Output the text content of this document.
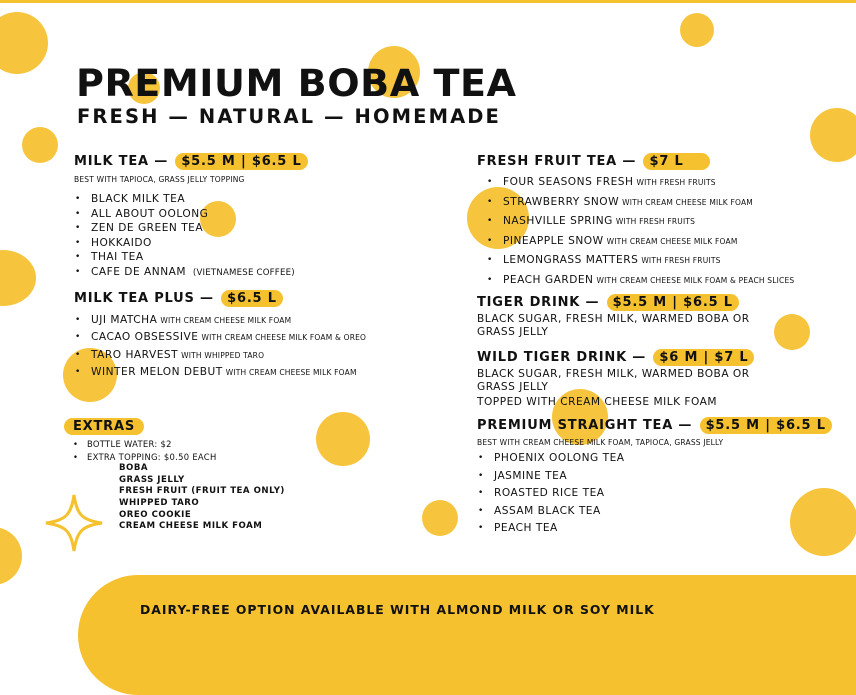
DAIRY-FREE OPTION AVAILABLE WITH ALMOND MILK OR SOY MILK
PREMIUM BOBA TEA
FRESH — NATURAL — HOMEMADE
MILK TEA — $5.5 M | $6.5 L
BEST WITH TAPIOCA, GRASS JELLY TOPPING
• BLACK MILK TEA
• ALL ABOUT OOLONG
• ZEN DE GREEN TEA
• HOKKAIDO
• THAI TEA
• CAFE DE ANNAM (VIETNAMESE COFFEE)
MILK TEA PLUS — $6.5 L
• UJI MATCHA WITH CREAM CHEESE MILK FOAM
• CACAO OBSESSIVE WITH CREAM CHEESE MILK FOAM & OREO
• TARO HARVEST WITH WHIPPED TARO
• WINTER MELON DEBUT WITH CREAM CHEESE MILK FOAM
EXTRAS
• BOTTLE WATER: $2
• EXTRA TOPPING: $0.50 EACH
BOBA
GRASS JELLY
FRESH FRUIT (FRUIT TEA ONLY)
WHIPPED TARO
OREO COOKIE
CREAM CHEESE MILK FOAM
FRESH FRUIT TEA — $7 L
• FOUR SEASONS FRESH WITH FRESH FRUITS
• STRAWBERRY SNOW WITH CREAM CHEESE MILK FOAM
• NASHVILLE SPRING WITH FRESH FRUITS
• PINEAPPLE SNOW WITH CREAM CHEESE MILK FOAM
• LEMONGRASS MATTERS WITH FRESH FRUITS
• PEACH GARDEN WITH CREAM CHEESE MILK FOAM & PEACH SLICES
TIGER DRINK — $5.5 M | $6.5 L
BLACK SUGAR, FRESH MILK, WARMED BOBA OR GRASS JELLY
WILD TIGER DRINK — $6 M | $7 L
BLACK SUGAR, FRESH MILK, WARMED BOBA OR GRASS JELLY
TOPPED WITH CREAM CHEESE MILK FOAM
PREMIUM STRAIGHT TEA — $5.5 M | $6.5 L
BEST WITH CREAM CHEESE MILK FOAM, TAPIOCA, GRASS JELLY
• PHOENIX OOLONG TEA
• JASMINE TEA
• ROASTED RICE TEA
• ASSAM BLACK TEA
• PEACH TEA
